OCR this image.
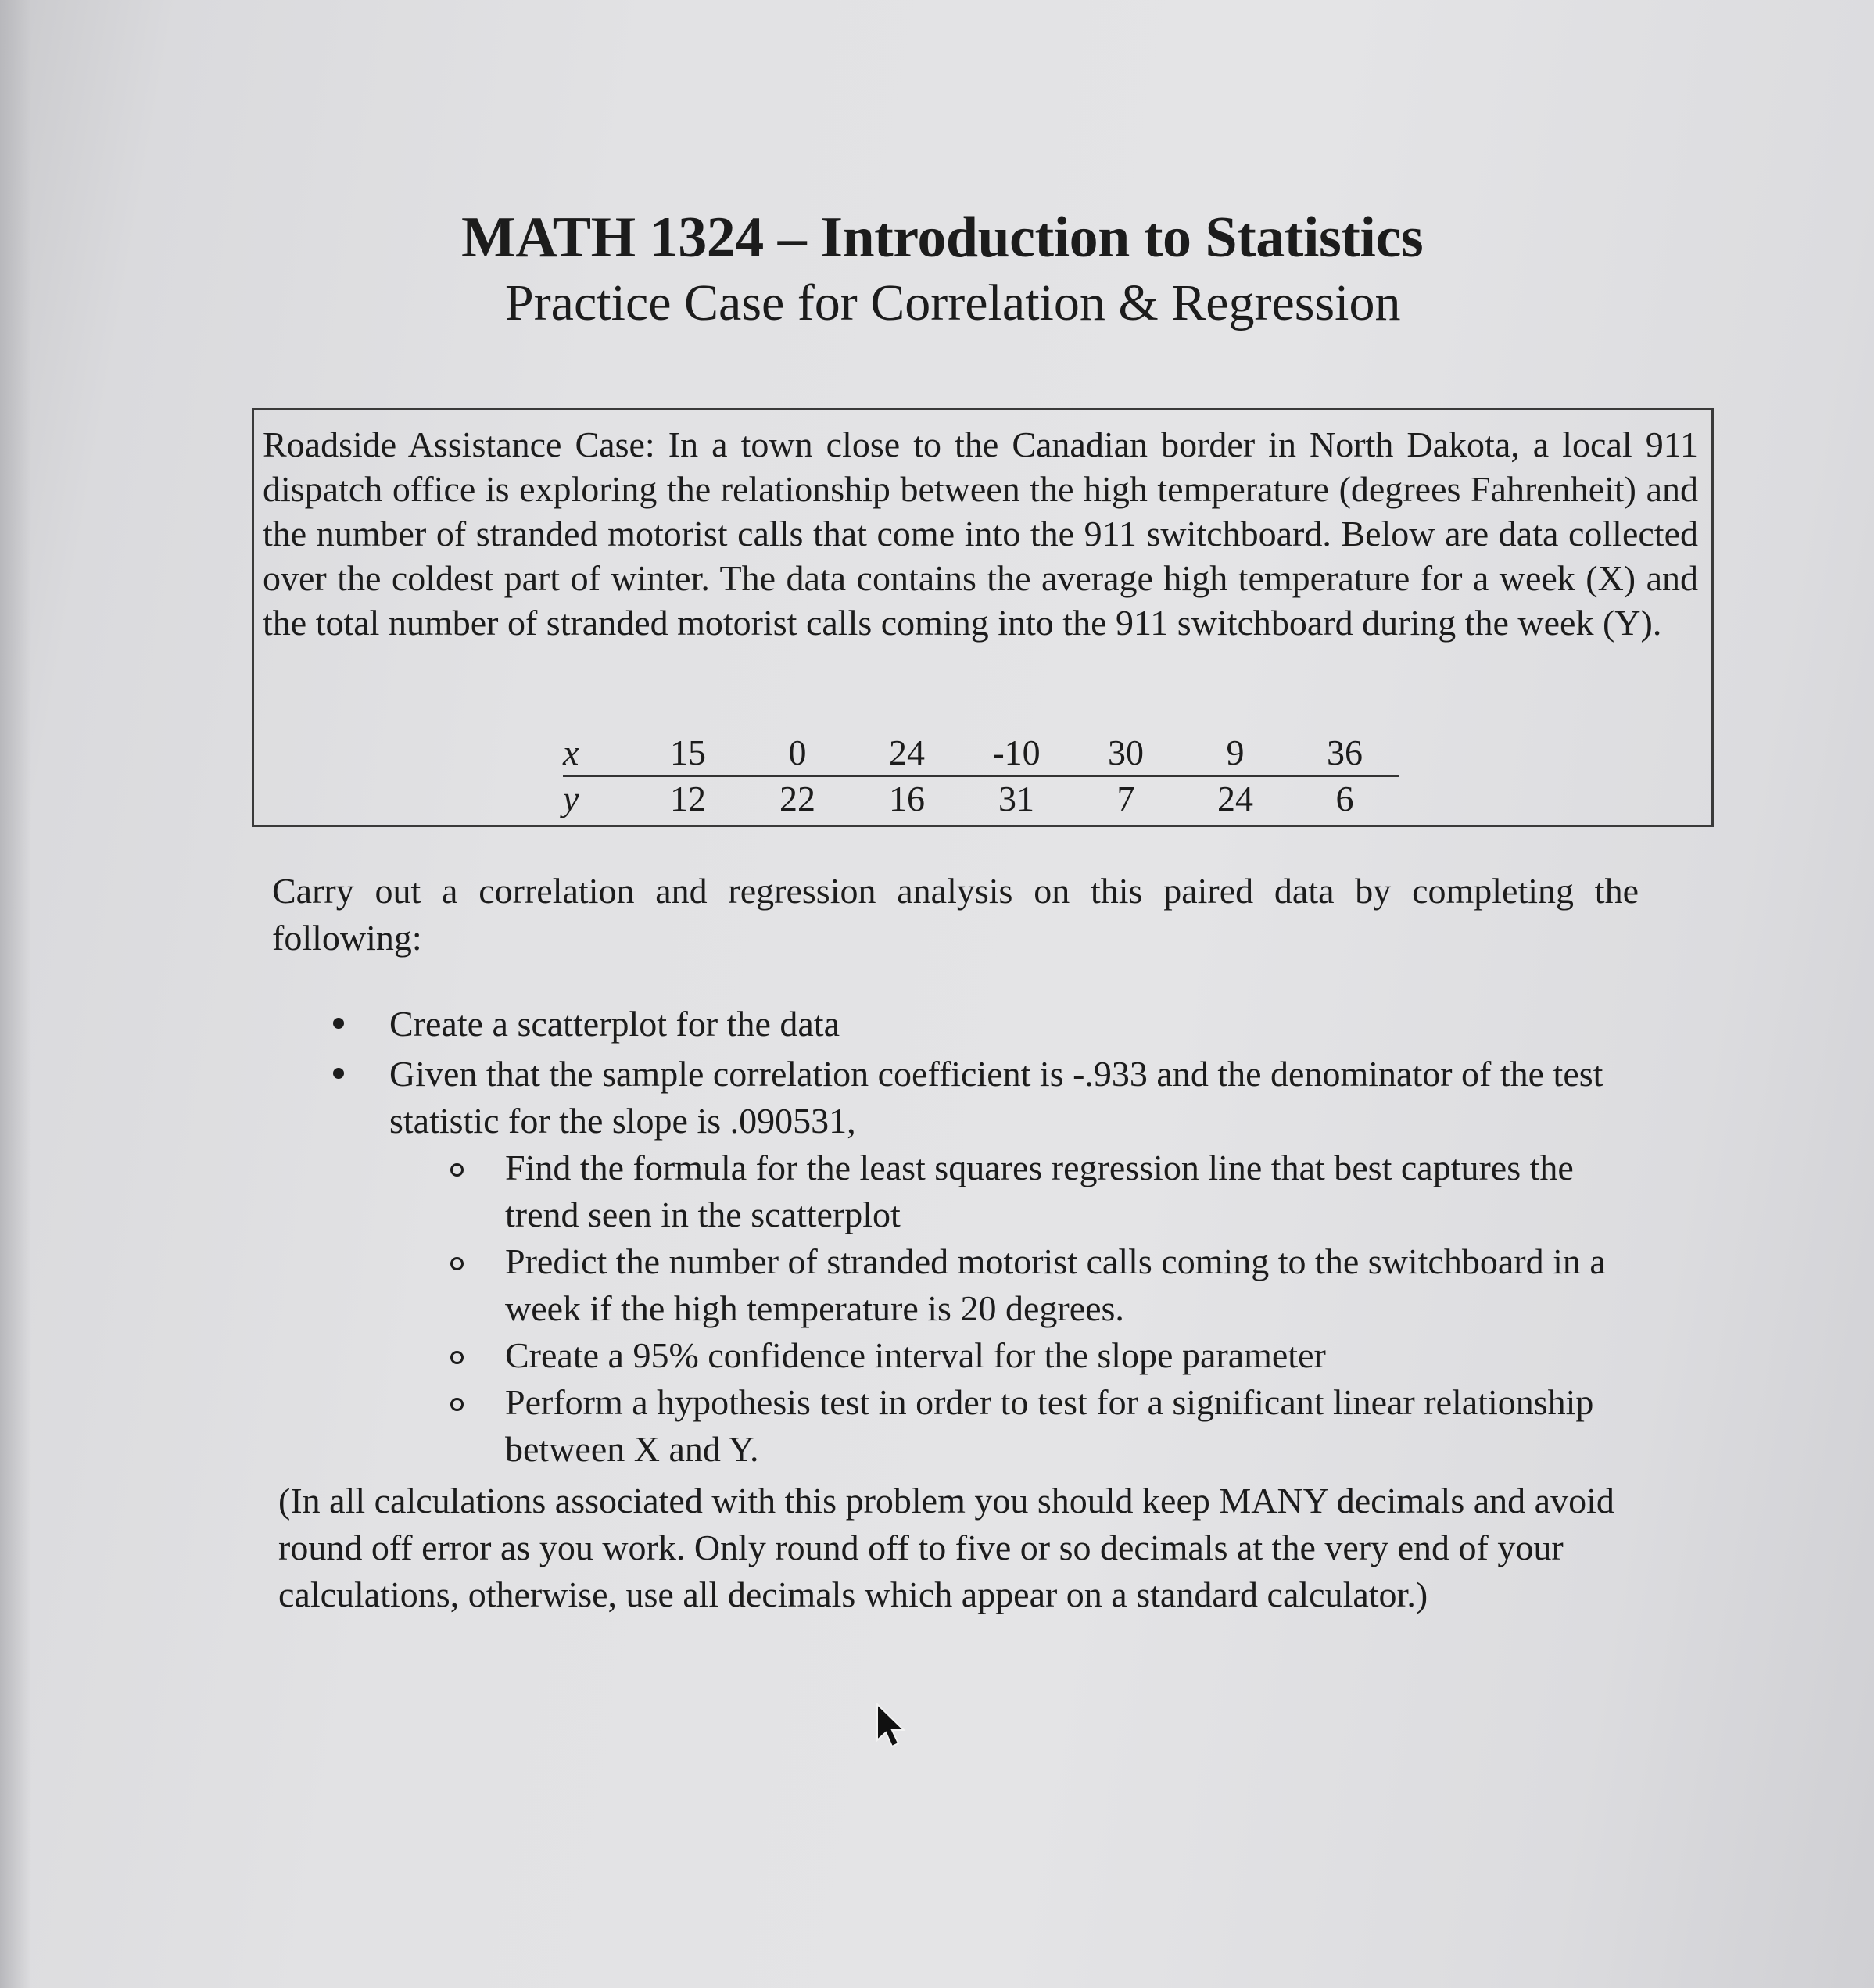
MATH 1324 – Introduction to Statistics
Practice Case for Correlation & Regression
Roadside Assistance Case: In a town close to the Canadian border in North Dakota, a local 911 dispatch office is exploring the relationship between the high temperature (degrees Fahrenheit) and the number of stranded motorist calls that come into the 911 switchboard. Below are data collected over the coldest part of winter. The data contains the average high temperature for a week (X) and the total number of stranded motorist calls coming into the 911 switchboard during the week (Y).
x	15	0	24	-10	30	9	36
y	12	22	16	31	7	24	6
Carry out a correlation and regression analysis on this paired data by completing the following:
Create a scatterplot for the data
Given that the sample correlation coefficient is -.933 and the denominator of the test statistic for the slope is .090531,
Find the formula for the least squares regression line that best captures the trend seen in the scatterplot
Predict the number of stranded motorist calls coming to the switchboard in a week if the high temperature is 20 degrees.
Create a 95% confidence interval for the slope parameter
Perform a hypothesis test in order to test for a significant linear relationship between X and Y.
(In all calculations associated with this problem you should keep MANY decimals and avoid round off error as you work. Only round off to five or so decimals at the very end of your calculations, otherwise, use all decimals which appear on a standard calculator.)
